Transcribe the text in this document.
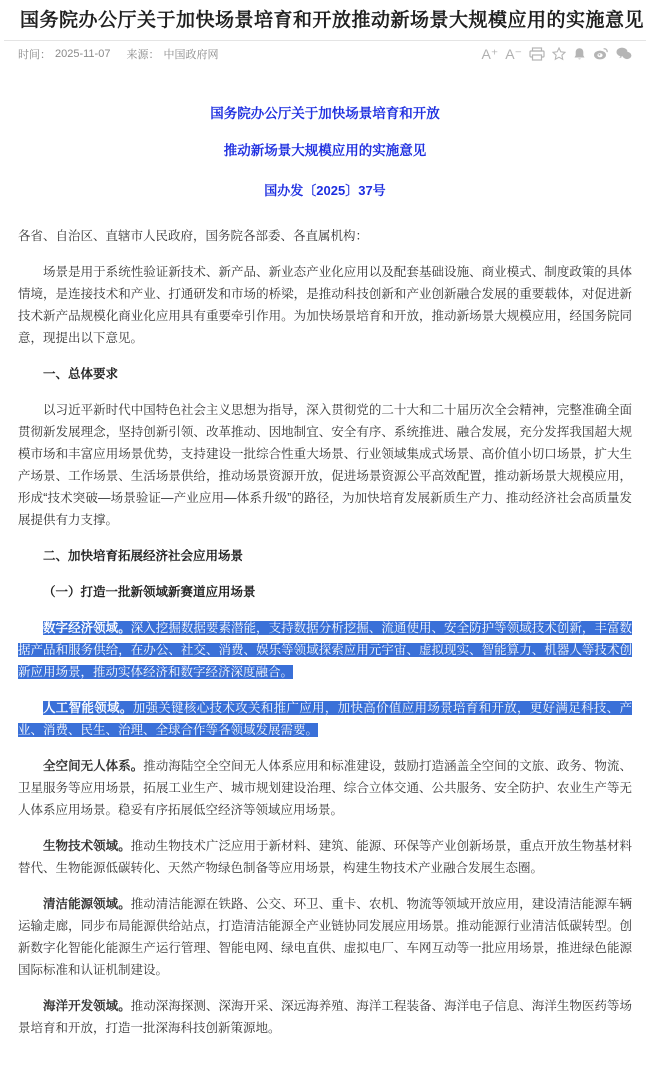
国务院办公厅关于加快场景培育和开放推动新场景大规模应用的实施意见
时间： 2025-11-07 来源： 中国政府网	A⁺ A⁻

国务院办公厅关于加快场景培育和开放

推动新场景大规模应用的实施意见

国办发〔2025〕37号

各省、自治区、直辖市人民政府，国务院各部委、各直属机构：

场景是用于系统性验证新技术、新产品、新业态产业化应用以及配套基础设施、商业模式、制度政策的具体情境，是连接技术和产业、打通研发和市场的桥梁，是推动科技创新和产业创新融合发展的重要载体，对促进新技术新产品规模化商业化应用具有重要牵引作用。为加快场景培育和开放，推动新场景大规模应用，经国务院同意，现提出以下意见。

一、总体要求

以习近平新时代中国特色社会主义思想为指导，深入贯彻党的二十大和二十届历次全会精神，完整准确全面贯彻新发展理念，坚持创新引领、改革推动、因地制宜、安全有序、系统推进、融合发展，充分发挥我国超大规模市场和丰富应用场景优势，支持建设一批综合性重大场景、行业领域集成式场景、高价值小切口场景，扩大生产场景、工作场景、生活场景供给，推动场景资源开放，促进场景资源公平高效配置，推动新场景大规模应用，形成“技术突破—场景验证—产业应用—体系升级”的路径，为加快培育发展新质生产力、推动经济社会高质量发展提供有力支撑。

二、加快培育拓展经济社会应用场景

（一）打造一批新领域新赛道应用场景

数字经济领域。深入挖掘数据要素潜能，支持数据分析挖掘、流通使用、安全防护等领域技术创新，丰富数据产品和服务供给，在办公、社交、消费、娱乐等领域探索应用元宇宙、虚拟现实、智能算力、机器人等技术创新应用场景，推动实体经济和数字经济深度融合。

人工智能领域。加强关键核心技术攻关和推广应用，加快高价值应用场景培育和开放，更好满足科技、产业、消费、民生、治理、全球合作等各领域发展需要。

全空间无人体系。推动海陆空全空间无人体系应用和标准建设，鼓励打造涵盖全空间的文旅、政务、物流、卫星服务等应用场景，拓展工业生产、城市规划建设治理、综合立体交通、公共服务、安全防护、农业生产等无人体系应用场景。稳妥有序拓展低空经济等领域应用场景。

生物技术领域。推动生物技术广泛应用于新材料、建筑、能源、环保等产业创新场景，重点开放生物基材料替代、生物能源低碳转化、天然产物绿色制备等应用场景，构建生物技术产业融合发展生态圈。

清洁能源领域。推动清洁能源在铁路、公交、环卫、重卡、农机、物流等领域开放应用，建设清洁能源车辆运输走廊，同步布局能源供给站点，打造清洁能源全产业链协同发展应用场景。推动能源行业清洁低碳转型。创新数字化智能化能源生产运行管理、智能电网、绿电直供、虚拟电厂、车网互动等一批应用场景，推进绿色能源国际标准和认证机制建设。

海洋开发领域。推动深海探测、深海开采、深远海养殖、海洋工程装备、海洋电子信息、海洋生物医药等场景培育和开放，打造一批深海科技创新策源地。
